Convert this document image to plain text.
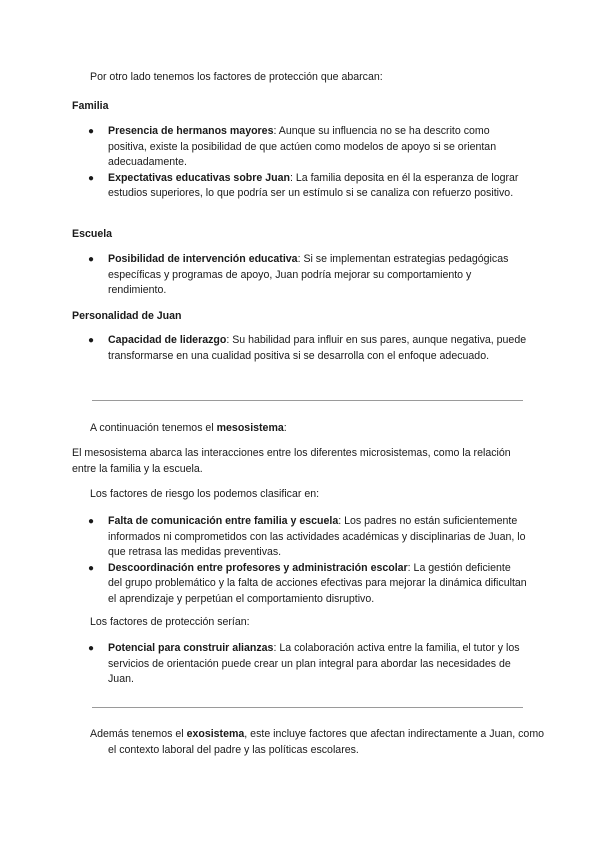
Por otro lado tenemos los factores de protección que abarcan:
Familia
● Presencia de hermanos mayores: Aunque su influencia no se ha descrito como positiva, existe la posibilidad de que actúen como modelos de apoyo si se orientan adecuadamente.
● Expectativas educativas sobre Juan: La familia deposita en él la esperanza de lograr estudios superiores, lo que podría ser un estímulo si se canaliza con refuerzo positivo.
Escuela
● Posibilidad de intervención educativa: Si se implementan estrategias pedagógicas específicas y programas de apoyo, Juan podría mejorar su comportamiento y rendimiento.
Personalidad de Juan
● Capacidad de liderazgo: Su habilidad para influir en sus pares, aunque negativa, puede transformarse en una cualidad positiva si se desarrolla con el enfoque adecuado.
A continuación tenemos el mesosistema:
El mesosistema abarca las interacciones entre los diferentes microsistemas, como la relación entre la familia y la escuela.
Los factores de riesgo los podemos clasificar en:
● Falta de comunicación entre familia y escuela: Los padres no están suficientemente informados ni comprometidos con las actividades académicas y disciplinarias de Juan, lo que retrasa las medidas preventivas.
● Descoordinación entre profesores y administración escolar: La gestión deficiente del grupo problemático y la falta de acciones efectivas para mejorar la dinámica dificultan el aprendizaje y perpetúan el comportamiento disruptivo.
Los factores de protección serían:
● Potencial para construir alianzas: La colaboración activa entre la familia, el tutor y los servicios de orientación puede crear un plan integral para abordar las necesidades de Juan.
Además tenemos el exosistema, este incluye factores que afectan indirectamente a Juan, como el contexto laboral del padre y las políticas escolares.
